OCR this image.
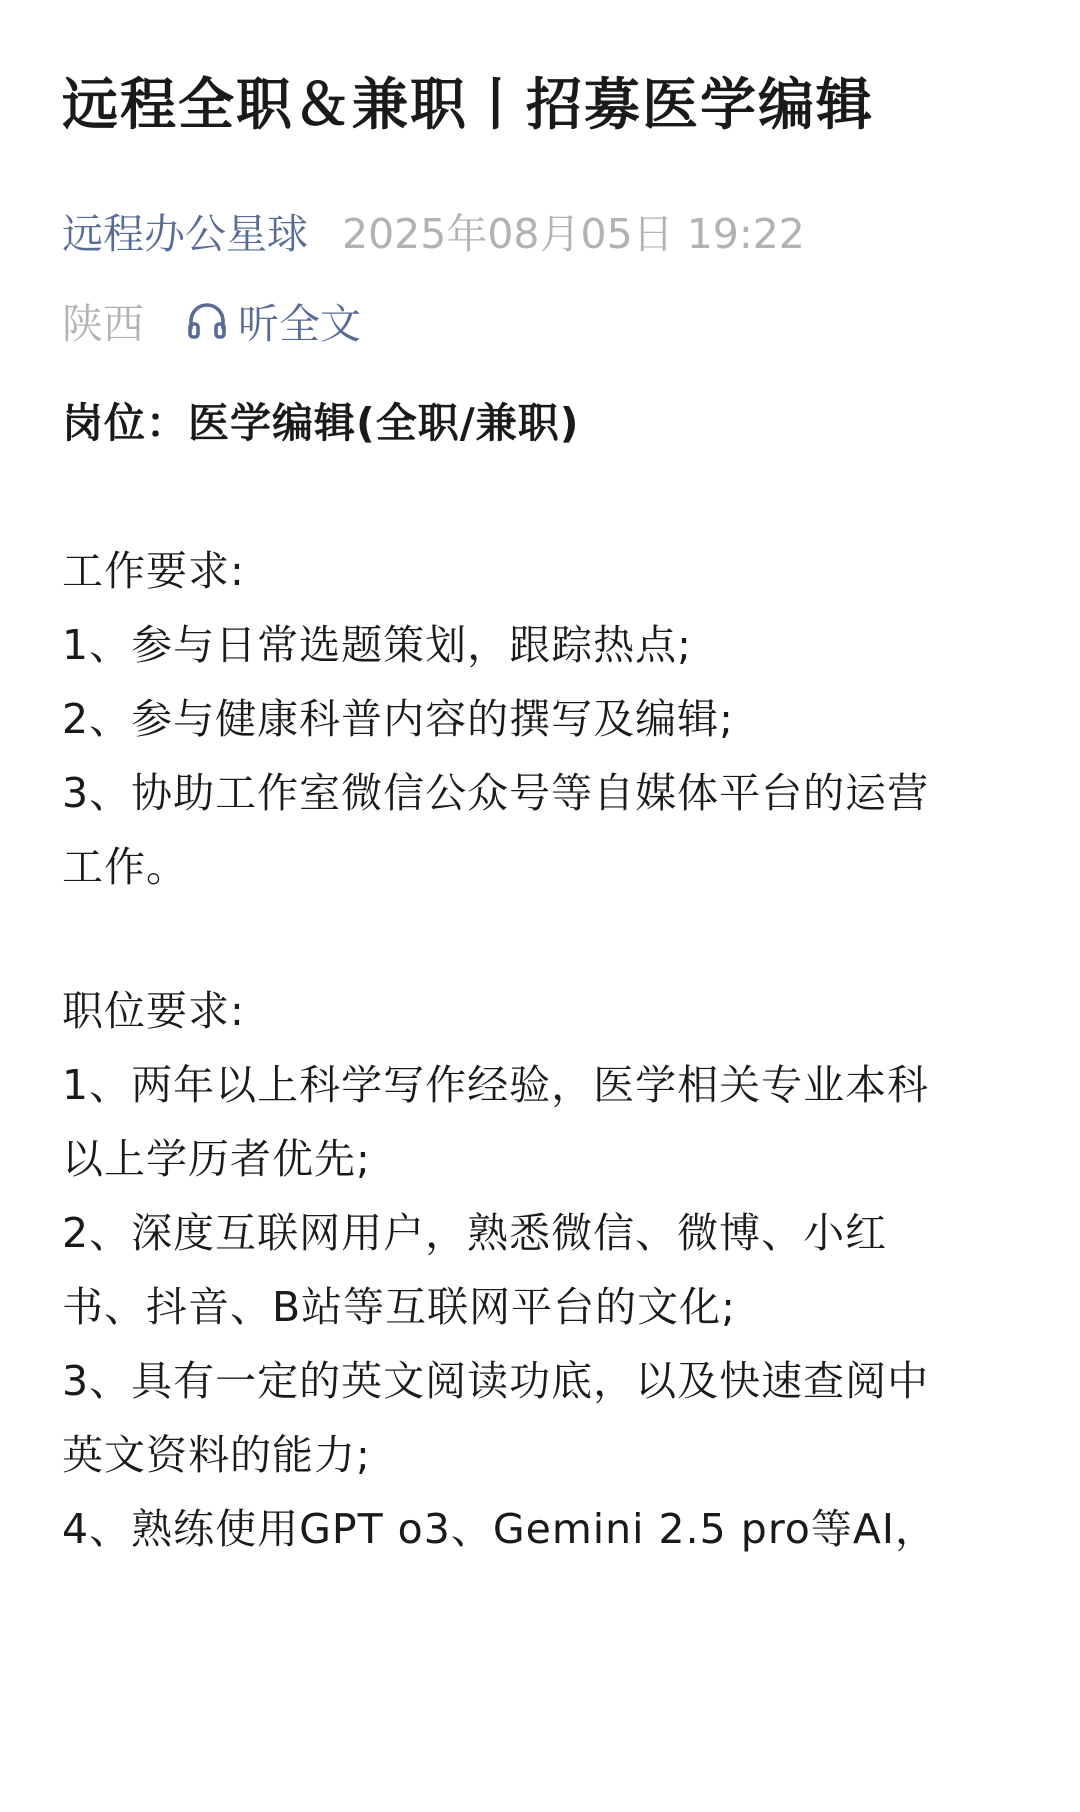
远程全职＆兼职丨招募医学编辑
远程办公星球 2025年08月05日 19:22
陕西 听全文
岗位：医学编辑(全职/兼职)
工作要求:
1、参与日常选题策划，跟踪热点;
2、参与健康科普内容的撰写及编辑;
3、协助工作室微信公众号等自媒体平台的运营
工作。
职位要求:
1、两年以上科学写作经验，医学相关专业本科
以上学历者优先;
2、深度互联网用户，熟悉微信、微博、小红
书、抖音、B站等互联网平台的文化;
3、具有一定的英文阅读功底，以及快速查阅中
英文资料的能力;
4、熟练使用GPT o3、Gemini 2.5 pro等AI，
